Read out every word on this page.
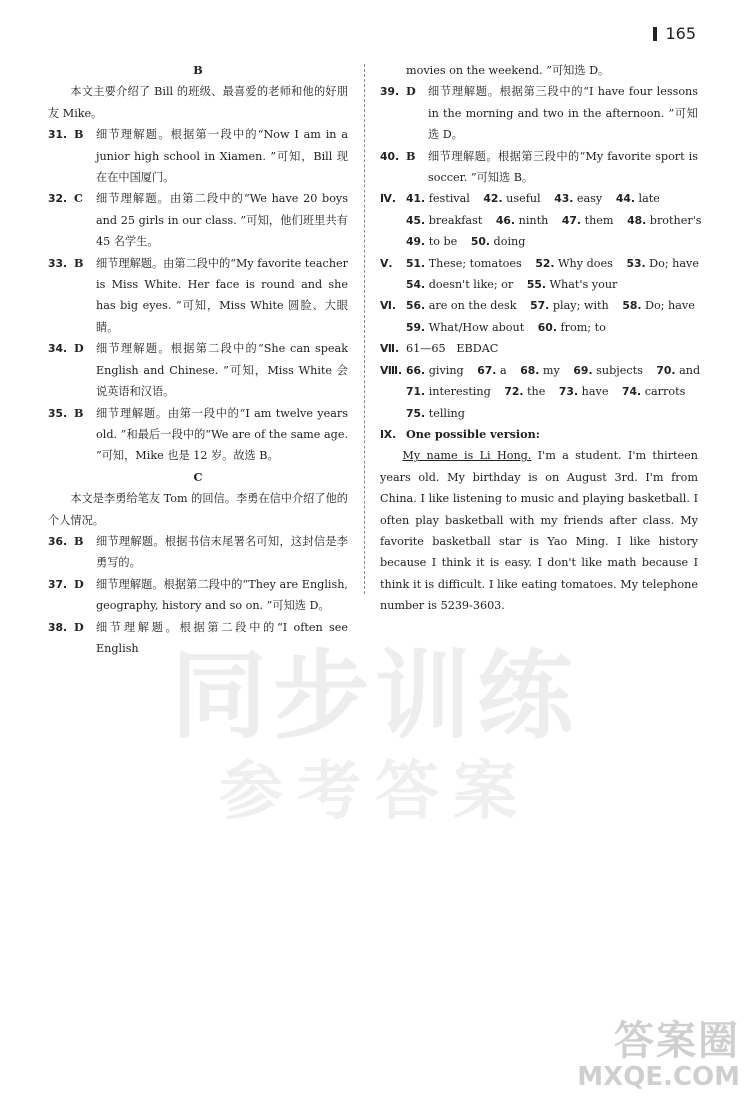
165
同步训练
参考答案
B
本文主要介绍了 Bill 的班级、最喜爱的老师和他的好朋友 Mike。
31. B	细节理解题。根据第一段中的“Now I am in a junior high school in Xiamen. ”可知，Bill 现在在中国厦门。
32. C	细节理解题。由第二段中的“We have 20 boys and 25 girls in our class. ”可知，他们班里共有 45 名学生。
33. B	细节理解题。由第二段中的“My favorite teacher is Miss White. Her face is round and she has big eyes. ”可知，Miss White 圆脸、大眼睛。
34. D	细节理解题。根据第二段中的“She can speak English and Chinese. ”可知，Miss White 会说英语和汉语。
35. B	细节理解题。由第一段中的“I am twelve years old. ”和最后一段中的“We are of the same age. ”可知，Mike 也是 12 岁。故选 B。
C
本文是李勇给笔友 Tom 的回信。李勇在信中介绍了他的个人情况。
36. B	细节理解题。根据书信末尾署名可知，这封信是李勇写的。
37. D	细节理解题。根据第二段中的“They are English, geography, history and so on. ”可知选 D。
38. D	细节理解题。根据第二段中的“I often see English
movies on the weekend. ”可知选 D。
39. D	细节理解题。根据第三段中的“I have four lessons in the morning and two in the afternoon. ”可知选 D。
40. B	细节理解题。根据第三段中的“My favorite sport is soccer. ”可知选 B。
Ⅳ. 41. festival 42. useful 43. easy 44. late
45. breakfast 46. ninth 47. them 48. brother's
49. to be 50. doing
Ⅴ.	51. These; tomatoes 52. Why does 53. Do; have
54. doesn't like; or 55. What's your
Ⅵ. 56. are on the desk 57. play; with 58. Do; have
59. What/How about 60. from; to
Ⅶ. 61—65 EBDAC
Ⅷ. 66. giving 67. a 68. my 69. subjects 70. and
71. interesting 72. the 73. have 74. carrots
75. telling
Ⅸ. One possible version:
My name is Li Hong. I'm a student. I'm thirteen years old. My birthday is on August 3rd. I'm from China. I like listening to music and playing basketball. I often play basketball with my friends after class. My favorite basketball star is Yao Ming. I like history because I think it is easy. I don't like math because I think it is difficult. I like eating tomatoes. My telephone number is 5239-3603.
答案圈
MXQE.COM
